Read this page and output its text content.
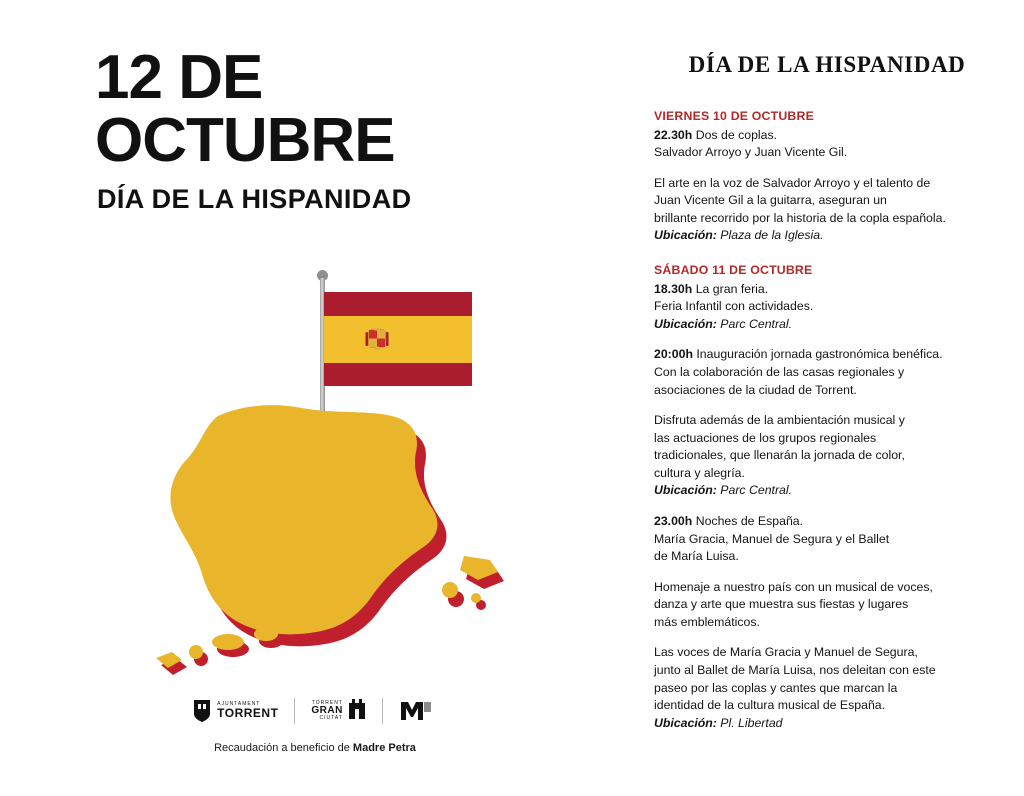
12 DE
OCTUBRE
DÍA DE LA HISPANIDAD
AJUNTAMENT
TORRENT
TORRENT
GRAN
CIUTAT
Recaudación a beneficio de Madre Petra
DÍA DE LA HISPANIDAD

VIERNES 10 DE OCTUBRE

22.30h Dos de coplas.

Salvador Arroyo y Juan Vicente Gil.

El arte en la voz de Salvador Arroyo y el talento de

Juan Vicente Gil a la guitarra, aseguran un

brillante recorrido por la historia de la copla española.

Ubicación: Plaza de la Iglesia.

SÁBADO 11 DE OCTUBRE

18.30h La gran feria.

Feria Infantil con actividades.

Ubicación: Parc Central.

20:00h Inauguración jornada gastronómica benéfica.

Con la colaboración de las casas regionales y

asociaciones de la ciudad de Torrent.

Disfruta además de la ambientación musical y

las actuaciones de los grupos regionales

tradicionales, que llenarán la jornada de color,

cultura y alegría.

Ubicación: Parc Central.

23.00h Noches de España.

María Gracia, Manuel de Segura y el Ballet

de María Luisa.

Homenaje a nuestro país con un musical de voces,

danza y arte que muestra sus fiestas y lugares

más emblemáticos.

Las voces de María Gracia y Manuel de Segura,

junto al Ballet de María Luisa, nos deleitan con este

paseo por las coplas y cantes que marcan la

identidad de la cultura musical de España.

Ubicación: Pl. Libertad
